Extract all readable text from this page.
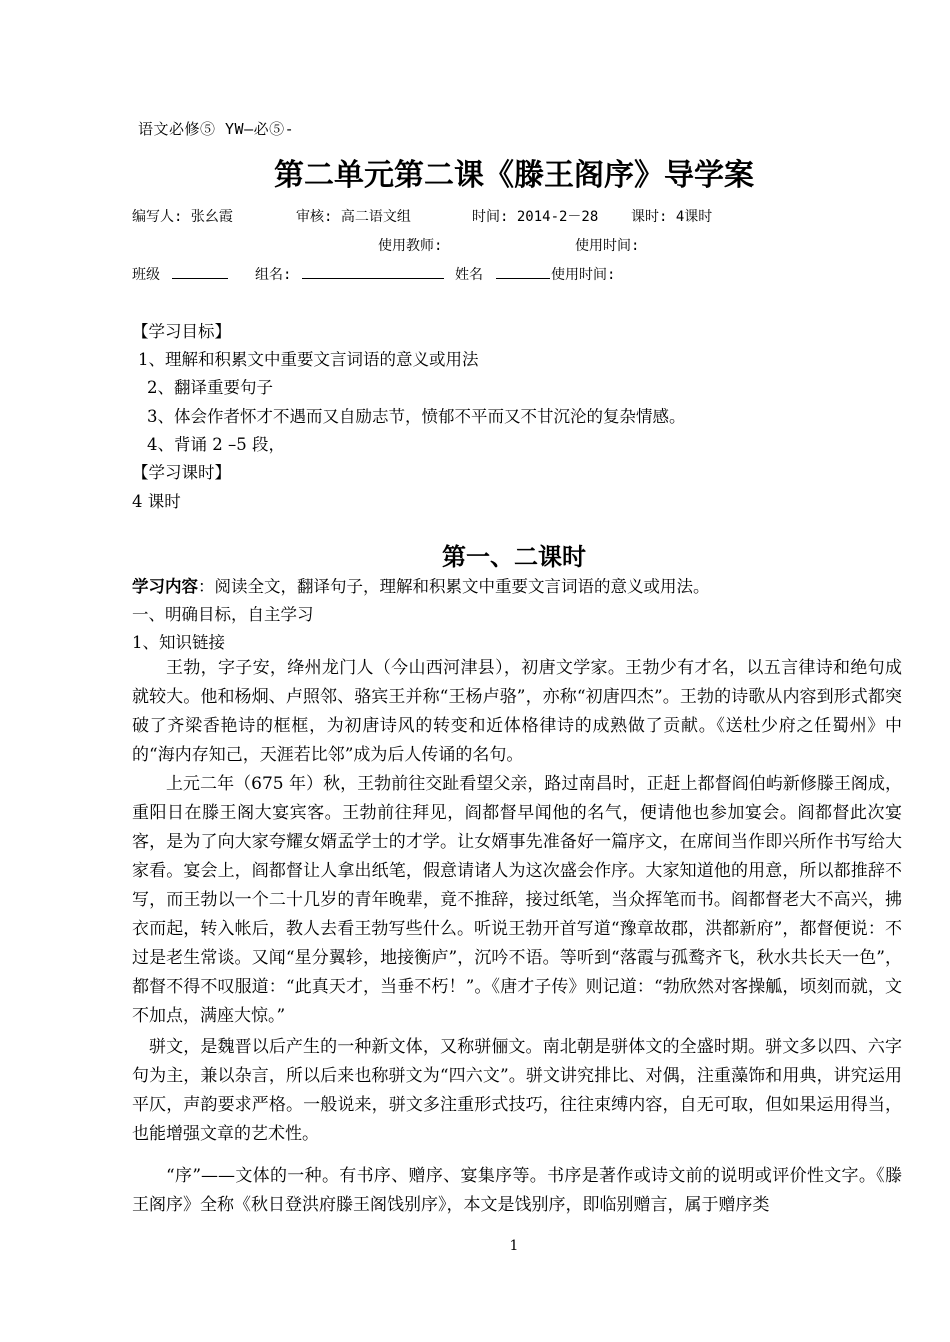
语文必修⑤ YW—必⑤-
第二单元第二课《滕王阁序》导学案
编写人: 张幺霞	审核: 高二语文组	时间: 2014-2－28 课时: 4课时
使用教师:	使用时间:
班级	组名:	姓名	使用时间:
【学习目标】
1、理解和积累文中重要文言词语的意义或用法
2、翻译重要句子
3、体会作者怀才不遇而又自励志节，愤郁不平而又不甘沉沦的复杂情感。
4、背诵 2 –5 段，
【学习课时】
4 课时
第一、二课时
学习内容：阅读全文，翻译句子，理解和积累文中重要文言词语的意义或用法。
一、明确目标，自主学习
1、知识链接
王勃，字子安，绛州龙门人（今山西河津县），初唐文学家。王勃少有才名，以五言律诗和绝句成就较大。他和杨炯、卢照邻、骆宾王并称“王杨卢骆”，亦称“初唐四杰”。王勃的诗歌从内容到形式都突破了齐梁香艳诗的框框，为初唐诗风的转变和近体格律诗的成熟做了贡献。《送杜少府之任蜀州》中的“海内存知己，天涯若比邻”成为后人传诵的名句。
上元二年（675 年）秋，王勃前往交趾看望父亲，路过南昌时，正赶上都督阎伯屿新修滕王阁成，重阳日在滕王阁大宴宾客。王勃前往拜见，阎都督早闻他的名气，便请他也参加宴会。阎都督此次宴客，是为了向大家夸耀女婿孟学士的才学。让女婿事先准备好一篇序文，在席间当作即兴所作书写给大家看。宴会上，阎都督让人拿出纸笔，假意请诸人为这次盛会作序。大家知道他的用意，所以都推辞不写，而王勃以一个二十几岁的青年晚辈，竟不推辞，接过纸笔，当众挥笔而书。阎都督老大不高兴，拂衣而起，转入帐后，教人去看王勃写些什么。听说王勃开首写道“豫章故郡，洪都新府”，都督便说：不过是老生常谈。又闻“星分翼轸，地接衡庐”，沉吟不语。等听到“落霞与孤鹜齐飞，秋水共长天一色”，都督不得不叹服道：“此真天才，当垂不朽！”。《唐才子传》则记道：“勃欣然对客操觚，顷刻而就，文不加点，满座大惊。”
骈文，是魏晋以后产生的一种新文体，又称骈俪文。南北朝是骈体文的全盛时期。骈文多以四、六字句为主，兼以杂言，所以后来也称骈文为“四六文”。骈文讲究排比、对偶，注重藻饰和用典，讲究运用平仄，声韵要求严格。一般说来，骈文多注重形式技巧，往往束缚内容，自无可取，但如果运用得当，也能增强文章的艺术性。
“序”——文体的一种。有书序、赠序、宴集序等。书序是著作或诗文前的说明或评价性文字。《滕王阁序》全称《秋日登洪府滕王阁饯别序》，本文是饯别序，即临别赠言，属于赠序类
1
